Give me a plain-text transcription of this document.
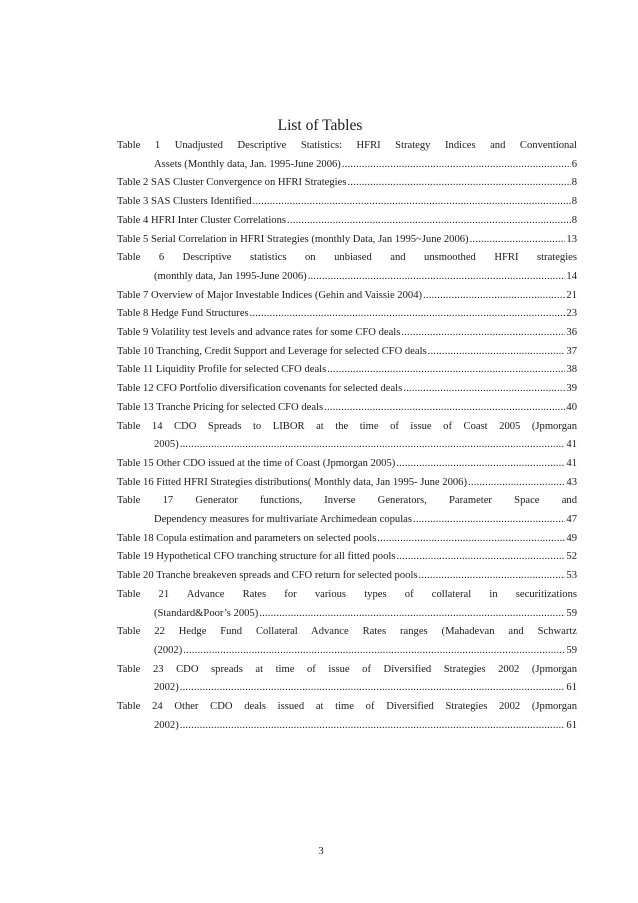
List of Tables
Table 1 Unadjusted Descriptive Statistics: HFRI Strategy Indices and Conventional
Assets (Monthly data, Jan. 1995-June 2006) .....	6
Table 2 SAS Cluster Convergence on HFRI Strategies .....	8
Table 3 SAS Clusters Identified .....	8
Table 4 HFRI Inter Cluster Correlations .....	8
Table 5 Serial Correlation in HFRI Strategies (monthly Data, Jan 1995~June 2006) .....	13
Table 6 Descriptive statistics on unbiased and unsmoothed HFRI strategies
(monthly data, Jan 1995-June 2006) .....	14
Table 7 Overview of Major Investable Indices (Gehin and Vaissie 2004) .....	21
Table 8 Hedge Fund Structures .....	23
Table 9 Volatility test levels and advance rates for some CFO deals .....	36
Table 10 Tranching, Credit Support and Leverage for selected CFO deals .....	37
Table 11 Liquidity Profile for selected CFO deals .....	38
Table 12 CFO Portfolio diversification covenants for selected deals .....	39
Table 13 Tranche Pricing for selected CFO deals .....	40
Table 14 CDO Spreads to LIBOR at the time of issue of Coast 2005 (Jpmorgan
2005) .....	41
Table 15 Other CDO issued at the time of Coast (Jpmorgan 2005) .....	41
Table 16 Fitted HFRI Strategies distributions( Monthly data, Jan 1995- June 2006) .....	43
Table 17 Generator functions, Inverse Generators, Parameter Space and
Dependency measures for multivariate Archimedean copulas .....	47
Table 18 Copula estimation and parameters on selected pools .....	49
Table 19 Hypothetical CFO tranching structure for all fitted pools .....	52
Table 20 Tranche breakeven spreads and CFO return for selected pools .....	53
Table 21 Advance Rates for various types of collateral in securitizations
(Standard&Poor’s 2005) .....	59
Table 22 Hedge Fund Collateral Advance Rates ranges (Mahadevan and Schwartz
(2002) .....	59
Table 23 CDO spreads at time of issue of Diversified Strategies 2002 (Jpmorgan
2002) .....	61
Table 24 Other CDO deals issued at time of Diversified Strategies 2002 (Jpmorgan
2002) .....	61
3
